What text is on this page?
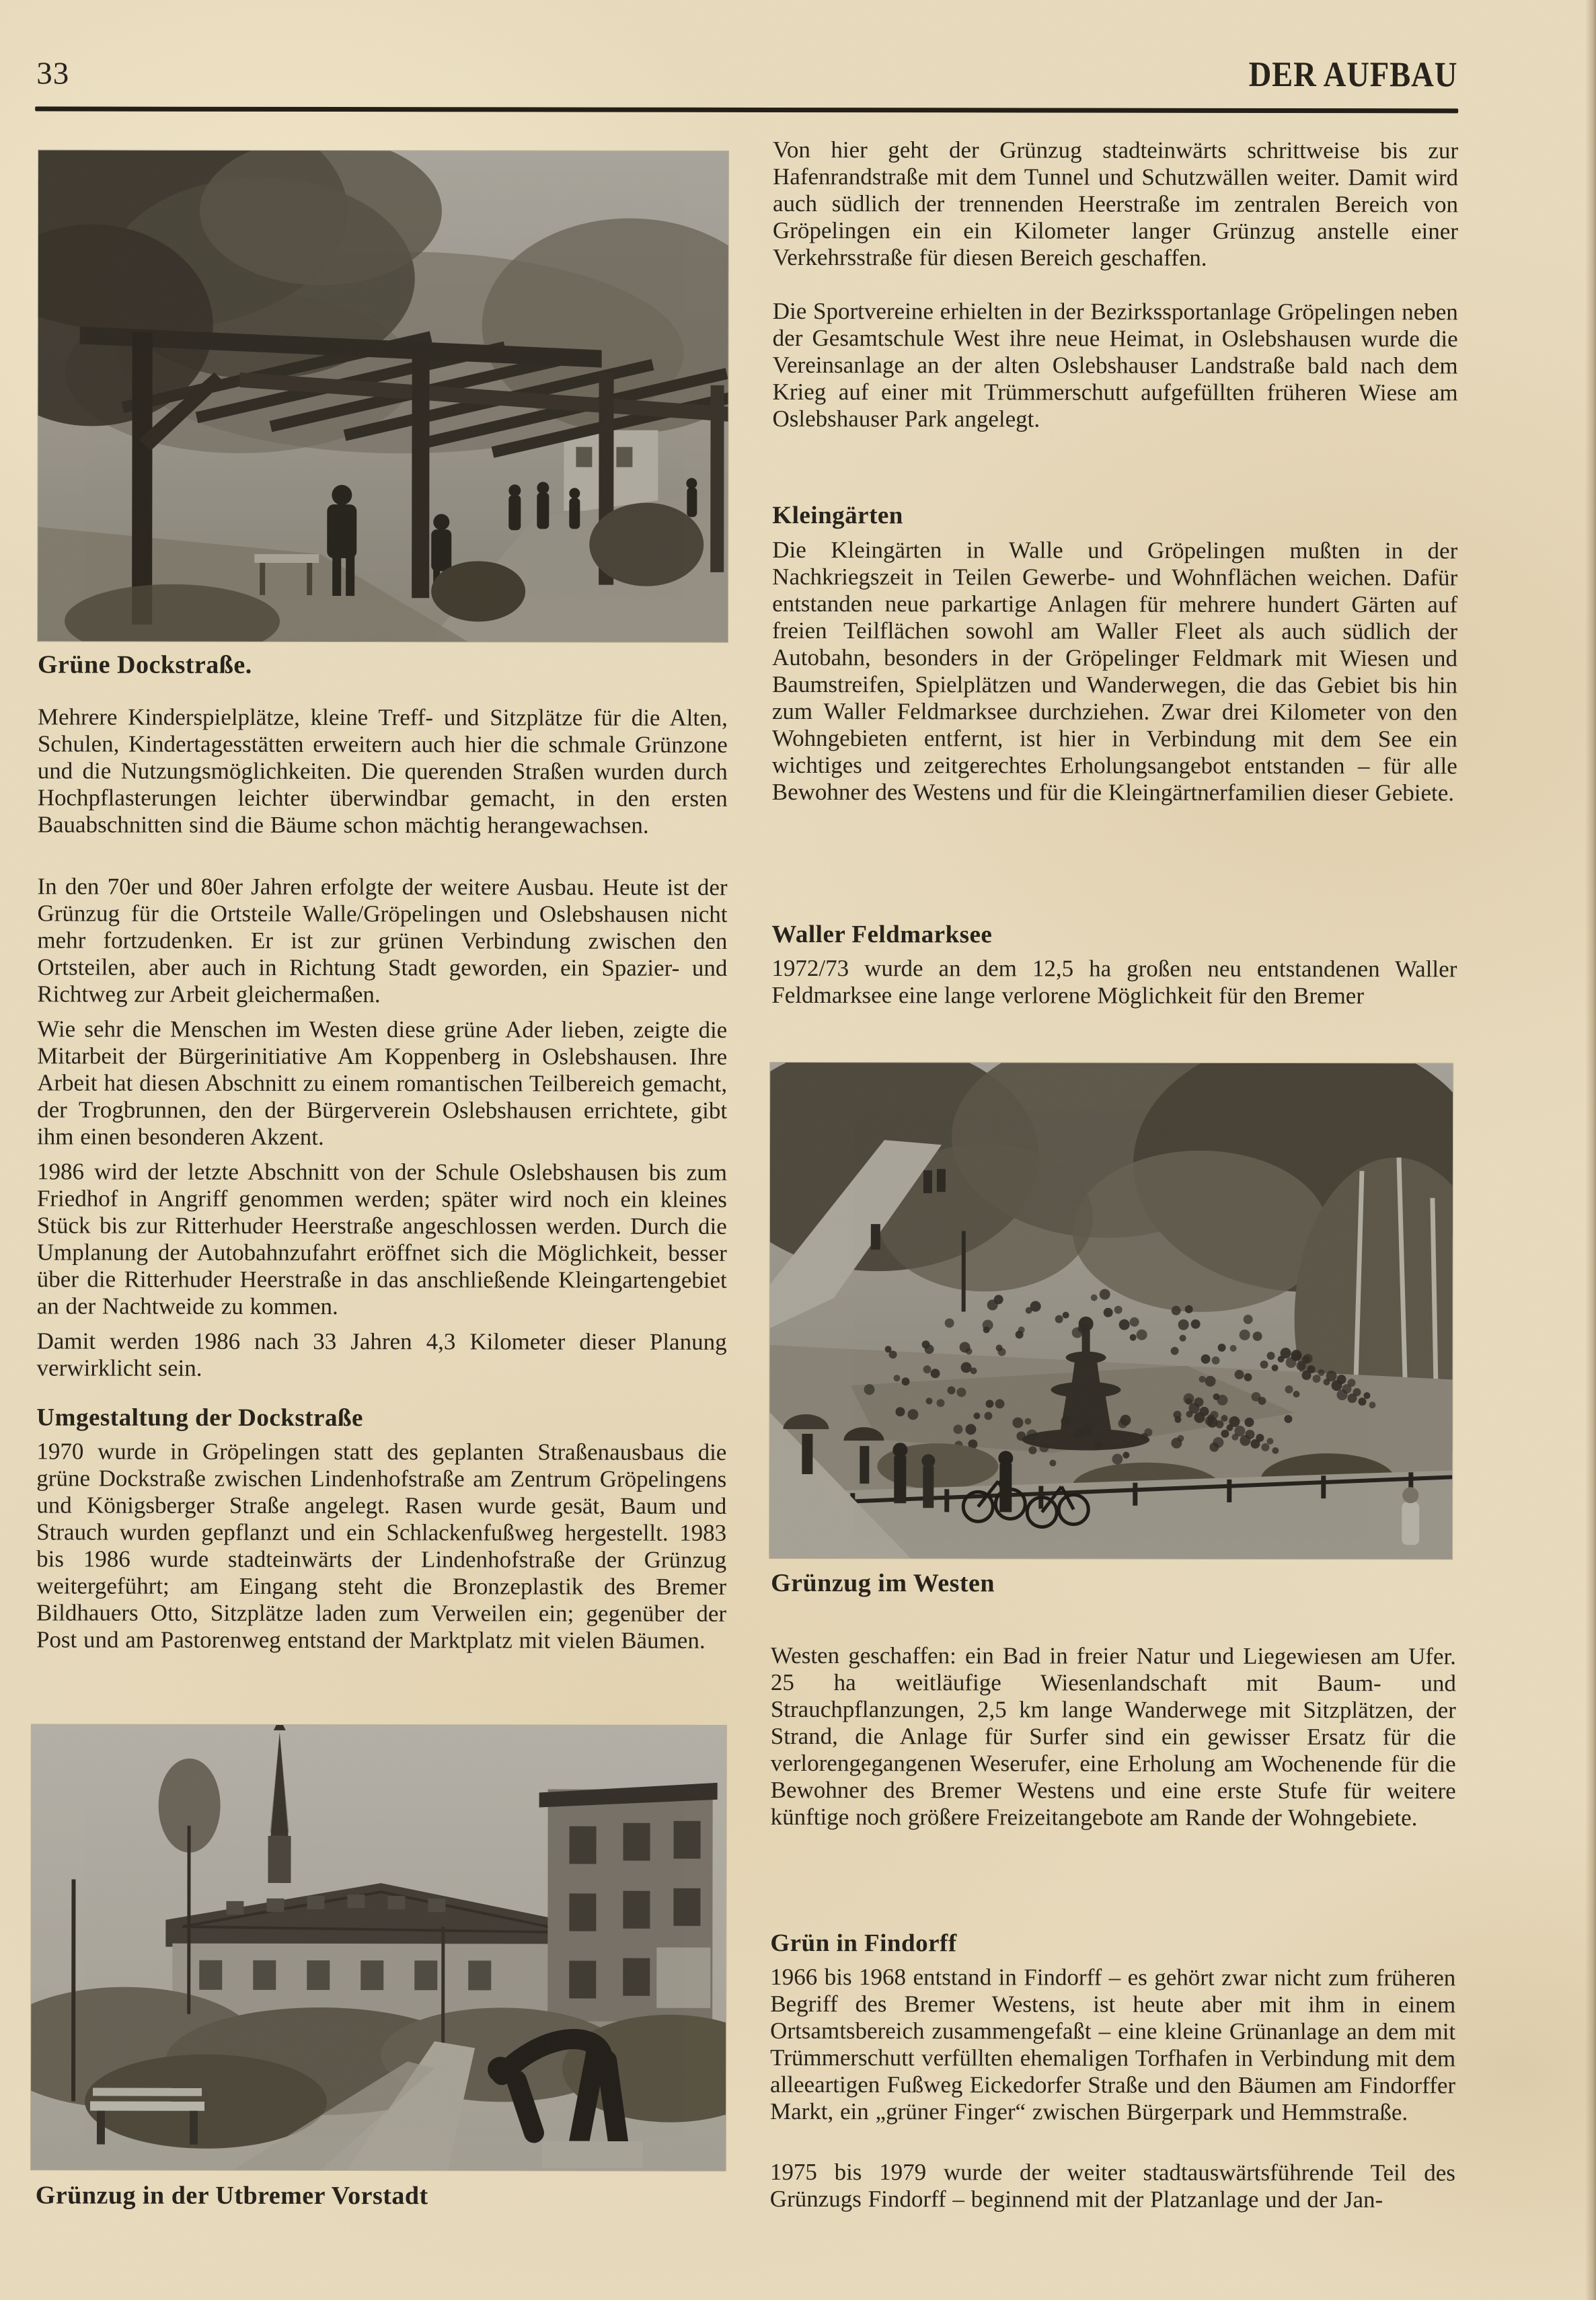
33	DER AUFBAU
Grüne Dockstraße.
Mehrere Kinderspielplätze, kleine Treff- und Sitzplätze für die Alten, Schulen, Kindertagesstätten erweitern auch hier die schmale Grünzone und die Nutzungsmöglichkeiten. Die querenden Straßen wurden durch Hochpflasterungen leichter überwindbar gemacht, in den ersten Bauabschnitten sind die Bäume schon mächtig herangewachsen.
In den 70er und 80er Jahren erfolgte der weitere Ausbau. Heute ist der Grünzug für die Ortsteile Walle/Gröpelingen und Oslebshausen nicht mehr fortzudenken. Er ist zur grünen Verbindung zwischen den Ortsteilen, aber auch in Richtung Stadt geworden, ein Spazier- und Richtweg zur Arbeit gleichermaßen.
Wie sehr die Menschen im Westen diese grüne Ader lieben, zeigte die Mitarbeit der Bürgerinitiative Am Koppenberg in Oslebshausen. Ihre Arbeit hat diesen Abschnitt zu einem romantischen Teilbereich gemacht, der Trogbrunnen, den der Bürgerverein Oslebshausen errichtete, gibt ihm einen besonderen Akzent.
1986 wird der letzte Abschnitt von der Schule Oslebshausen bis zum Friedhof in Angriff genommen werden; später wird noch ein kleines Stück bis zur Ritterhuder Heerstraße angeschlossen werden. Durch die Umplanung der Autobahnzufahrt eröffnet sich die Möglichkeit, besser über die Ritterhuder Heerstraße in das anschließende Kleingartengebiet an der Nachtweide zu kommen.
Damit werden 1986 nach 33 Jahren 4,3 Kilometer dieser Planung verwirklicht sein.
Umgestaltung der Dockstraße
1970 wurde in Gröpelingen statt des geplanten Straßenausbaus die grüne Dockstraße zwischen Lindenhofstraße am Zentrum Gröpelingens und Königsberger Straße angelegt. Rasen wurde gesät, Baum und Strauch wurden gepflanzt und ein Schlackenfußweg hergestellt. 1983 bis 1986 wurde stadteinwärts der Lindenhofstraße der Grünzug weitergeführt; am Eingang steht die Bronzeplastik des Bremer Bildhauers Otto, Sitzplätze laden zum Verweilen ein; gegenüber der Post und am Pastorenweg entstand der Marktplatz mit vielen Bäumen.
Grünzug in der Utbremer Vorstadt
Von hier geht der Grünzug stadteinwärts schrittweise bis zur Hafenrandstraße mit dem Tunnel und Schutzwällen weiter. Damit wird auch südlich der trennenden Heerstraße im zentralen Bereich von Gröpelingen ein ein Kilometer langer Grünzug anstelle einer Verkehrsstraße für diesen Bereich geschaffen.
Die Sportvereine erhielten in der Bezirkssportanlage Gröpelingen neben der Gesamtschule West ihre neue Heimat, in Oslebshausen wurde die Vereinsanlage an der alten Oslebshauser Landstraße bald nach dem Krieg auf einer mit Trümmerschutt aufgefüllten früheren Wiese am Oslebshauser Park angelegt.
Kleingärten
Die Kleingärten in Walle und Gröpelingen mußten in der Nachkriegszeit in Teilen Gewerbe- und Wohnflächen weichen. Dafür entstanden neue parkartige Anlagen für mehrere hundert Gärten auf freien Teilflächen sowohl am Waller Fleet als auch südlich der Autobahn, besonders in der Gröpelinger Feldmark mit Wiesen und Baumstreifen, Spielplätzen und Wanderwegen, die das Gebiet bis hin zum Waller Feldmarksee durchziehen. Zwar drei Kilometer von den Wohngebieten entfernt, ist hier in Verbindung mit dem See ein wichtiges und zeitgerechtes Erholungsangebot entstanden – für alle Bewohner des Westens und für die Kleingärtnerfamilien dieser Gebiete.
Waller Feldmarksee
1972/73 wurde an dem 12,5 ha großen neu entstandenen Waller Feldmarksee eine lange verlorene Möglichkeit für den Bremer
Grünzug im Westen
Westen geschaffen: ein Bad in freier Natur und Liegewiesen am Ufer. 25 ha weitläufige Wiesenlandschaft mit Baum- und Strauchpflanzungen, 2,5 km lange Wanderwege mit Sitzplätzen, der Strand, die Anlage für Surfer sind ein gewisser Ersatz für die verlorengegangenen Weserufer, eine Erholung am Wochenende für die Bewohner des Bremer Westens und eine erste Stufe für weitere künftige noch größere Freizeitangebote am Rande der Wohngebiete.
Grün in Findorff
1966 bis 1968 entstand in Findorff – es gehört zwar nicht zum früheren Begriff des Bremer Westens, ist heute aber mit ihm in einem Ortsamtsbereich zusammengefaßt – eine kleine Grünanlage an dem mit Trümmerschutt verfüllten ehemaligen Torfhafen in Verbindung mit dem alleeartigen Fußweg Eickedorfer Straße und den Bäumen am Findorffer Markt, ein „grüner Finger“ zwischen Bürgerpark und Hemmstraße.
1975 bis 1979 wurde der weiter stadtauswärtsführende Teil des Grünzugs Findorff – beginnend mit der Platzanlage und der Jan-
